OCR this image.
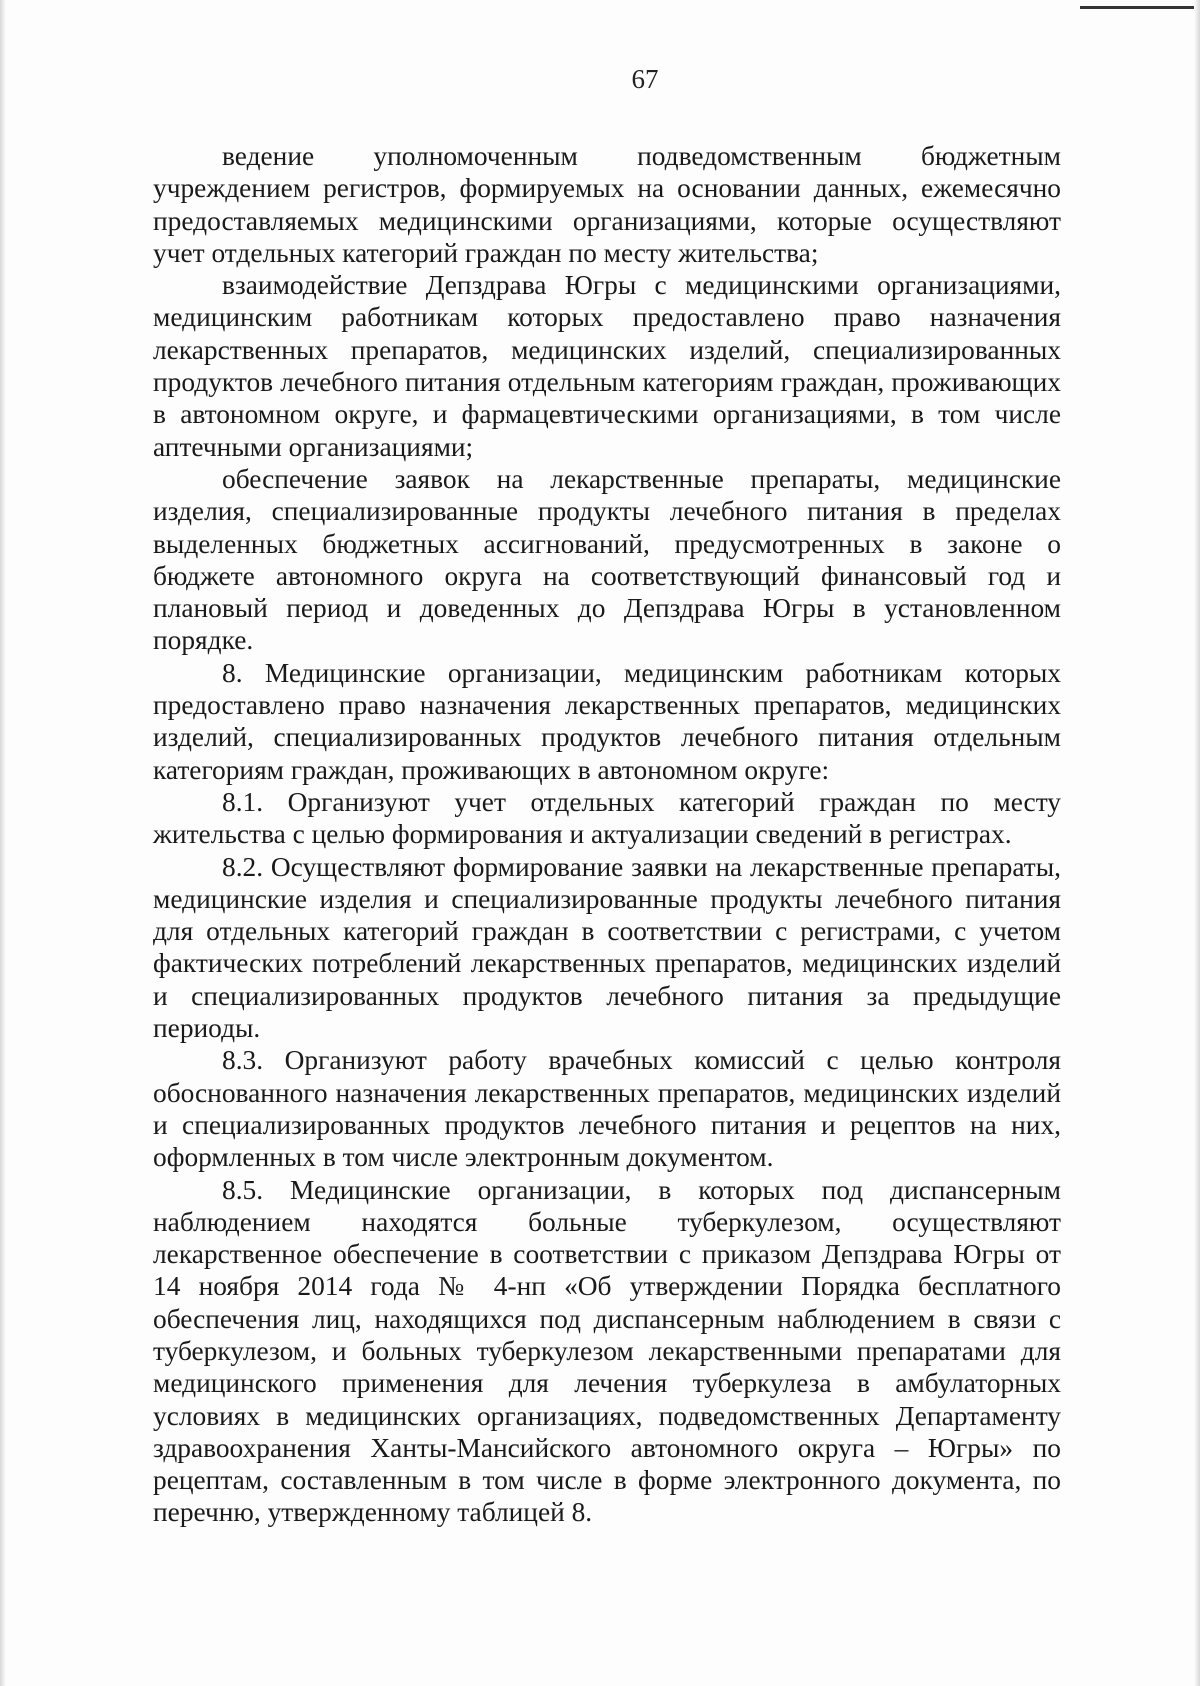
67

ведение уполномоченным подведомственным бюджетным учреждением регистров, формируемых на основании данных, ежемесячно предоставляемых медицинскими организациями, которые осуществляют учет отдельных категорий граждан по месту жительства;

взаимодействие Депздрава Югры с медицинскими организациями, медицинским работникам которых предоставлено право назначения лекарственных препаратов, медицинских изделий, специализированных продуктов лечебного питания отдельным категориям граждан, проживающих в автономном округе, и фармацевтическими организациями, в том числе аптечными организациями;

обеспечение заявок на лекарственные препараты, медицинские изделия, специализированные продукты лечебного питания в пределах выделенных бюджетных ассигнований, предусмотренных в законе о бюджете автономного округа на соответствующий финансовый год и плановый период и доведенных до Депздрава Югры в установленном порядке.

8. Медицинские организации, медицинским работникам которых предоставлено право назначения лекарственных препаратов, медицинских изделий, специализированных продуктов лечебного питания отдельным категориям граждан, проживающих в автономном округе:

8.1. Организуют учет отдельных категорий граждан по месту жительства с целью формирования и актуализации сведений в регистрах.

8.2. Осуществляют формирование заявки на лекарственные препараты, медицинские изделия и специализированные продукты лечебного питания для отдельных категорий граждан в соответствии с регистрами, с учетом фактических потреблений лекарственных препаратов, медицинских изделий и специализированных продуктов лечебного питания за предыдущие периоды.

8.3. Организуют работу врачебных комиссий с целью контроля обоснованного назначения лекарственных препаратов, медицинских изделий и специализированных продуктов лечебного питания и рецептов на них, оформленных в том числе электронным документом.

8.5. Медицинские организации, в которых под диспансерным наблюдением находятся больные туберкулезом, осуществляют лекарственное обеспечение в соответствии с приказом Депздрава Югры от 14 ноября 2014 года № 4-нп «Об утверждении Порядка бесплатного обеспечения лиц, находящихся под диспансерным наблюдением в связи с туберкулезом, и больных туберкулезом лекарственными препаратами для медицинского применения для лечения туберкулеза в амбулаторных условиях в медицинских организациях, подведомственных Департаменту здравоохранения Ханты-Мансийского автономного округа – Югры» по рецептам, составленным в том числе в форме электронного документа, по перечню, утвержденному таблицей 8.
